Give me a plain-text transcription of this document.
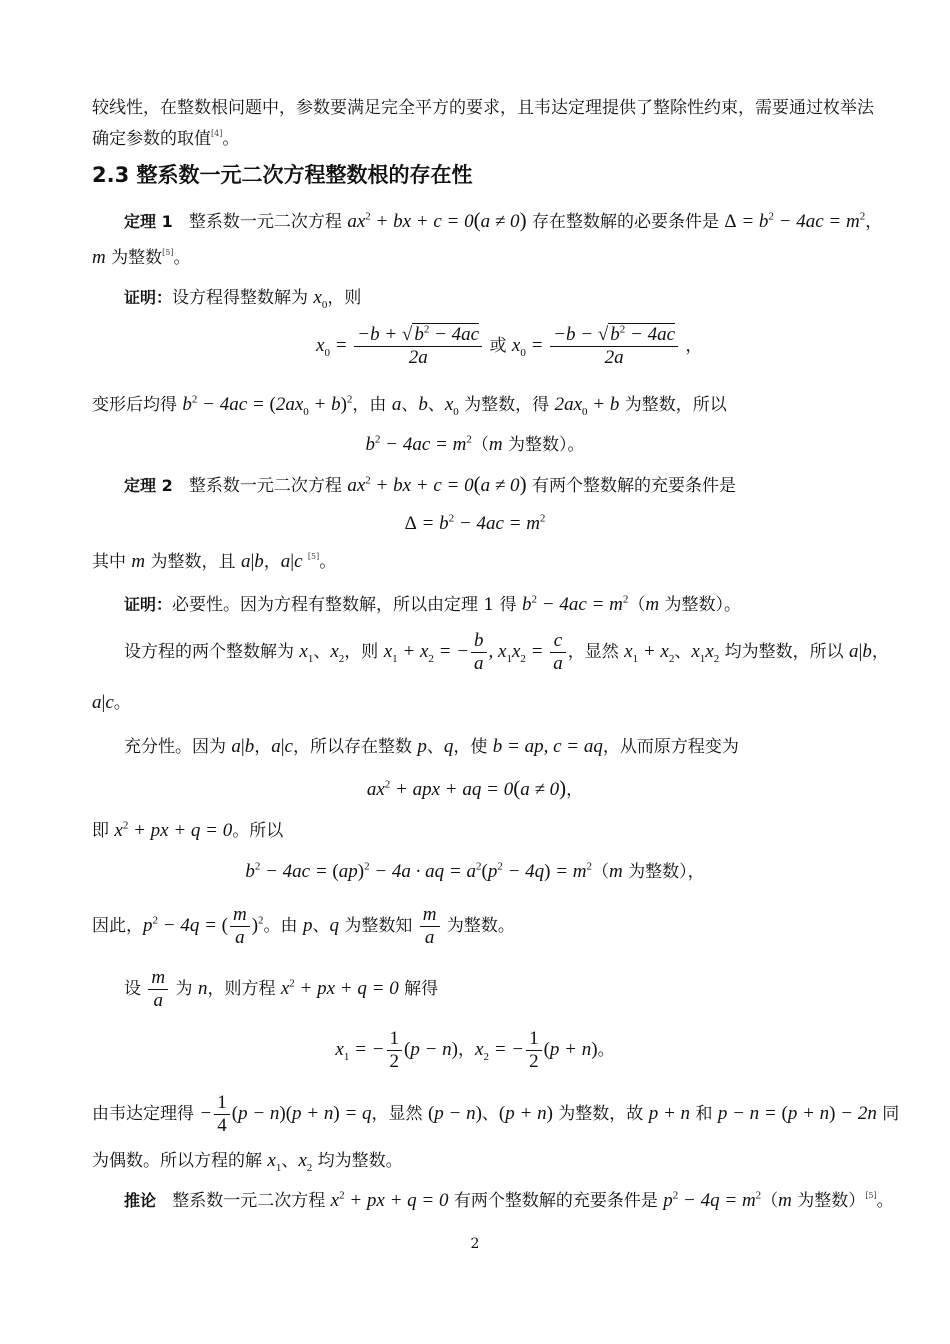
较线性，在整数根问题中，参数要满足完全平方的要求，且韦达定理提供了整除性约束，需要通过枚举法
确定参数的取值[4]。
2.3 整系数一元二次方程整数根的存在性
定理 1   整系数一元二次方程 $ax^2$ + bx + c = 0(a ≠ 0) 存在整数解的必要条件是 $\Delta = b^2 - 4ac = m^2$，
m 为整数[5]。
证明：设方程得整数解为 $x_0$，则
$x_0 = \frac{-b + √ b^2 - 4ac}{2a}$ 或 $x_0 = \frac{-b - √ b^2 - 4ac}{2a}$ ，
变形后均得 $b^2 - 4ac = (2ax_0 + b)^2$，由 a、b、$x_0$ 为整数，得 $2ax_0 + b$ 为整数，所以
$b^2 - 4ac = m^2(m$ 为整数）。
定理 2   整系数一元二次方程 $ax^2$ + bx + c = 0(a ≠ 0) 有两个整数解的充要条件是
$\Delta = b^2 - 4ac = m^2$
其中 m 为整数，且 a|b，a|c [5]。
证明：必要性。因为方程有整数解，所以由定理 1 得 $b^2 - 4ac = m^2(m$ 为整数）。
设方程的两个整数解为 $x_1$、$x_2$，则 $x_1 + x_2$ = − $\frac{b}{a}$ , $x_1x_2 = \frac{c}{a}$ ，显然 $x_1 + x_2$、$x_1x_2$ 均为整数，所以 a|b，
a|c。
充分性。因为 a|b，a|c，所以存在整数 p、q，使 b = ap, c = aq，从而原方程变为
$ax^2$ + apx + aq = 0(a ≠ 0)，
即 $x^2$ + px + q = 0。所以
$b^2 - 4ac = (ap)^2 - 4a$ · aq = $a^2(p^2 - 4q) = m^2(m$ 为整数），
因此，$p^2 - 4q$ = ( $\frac{m}{a} )^2$。由 p、q 为整数知 $\frac{m}{a}$ 为整数。
设 $\frac{m}{a}$ 为 n，则方程 $x^2$ + px + q = 0 解得
$x_1$ = − $\frac{1}{2} (p - n)$，$x_2$ = − $\frac{1}{2} (p + n)$。
由韦达定理得 − $\frac{1}{4} (p - n)(p + n) = q$，显然 (p − n)、(p + n) 为整数，故 p + n 和 p − n = (p + n) − 2n 同
为偶数。所以方程的解 $x_1$、$x_2$ 均为整数。
推论   整系数一元二次方程 $x^2$ + px + q = 0 有两个整数解的充要条件是 $p^2 - 4q = m^2(m$ 为整数）[5]。
2
